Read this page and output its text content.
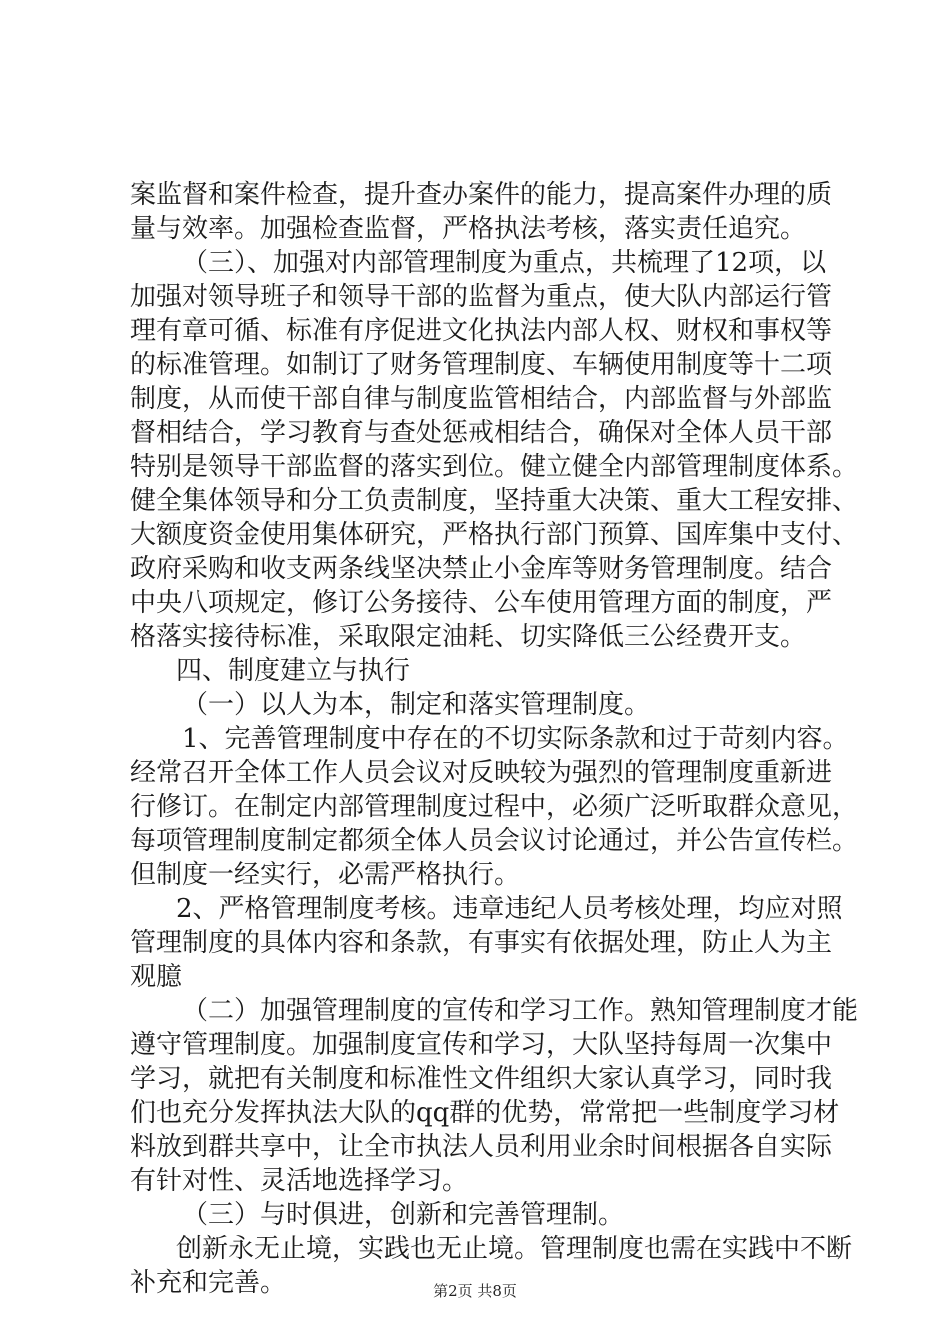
案监督和案件检查，提升查办案件的能力，提高案件办理的质
量与效率。加强检查监督，严格执法考核，落实责任追究。
（三）、加强对内部管理制度为重点，共梳理了12项，以
加强对领导班子和领导干部的监督为重点，使大队内部运行管
理有章可循、标准有序促进文化执法内部人权、财权和事权等
的标准管理。如制订了财务管理制度、车辆使用制度等十二项
制度，从而使干部自律与制度监管相结合，内部监督与外部监
督相结合，学习教育与查处惩戒相结合，确保对全体人员干部
特别是领导干部监督的落实到位。健立健全内部管理制度体系。
健全集体领导和分工负责制度，坚持重大决策、重大工程安排、
大额度资金使用集体研究，严格执行部门预算、国库集中支付、
政府采购和收支两条线坚决禁止小金库等财务管理制度。结合
中央八项规定，修订公务接待、公车使用管理方面的制度，严
格落实接待标准，采取限定油耗、切实降低三公经费开支。
四、制度建立与执行
（一）以人为本，制定和落实管理制度。
1、完善管理制度中存在的不切实际条款和过于苛刻内容。
经常召开全体工作人员会议对反映较为强烈的管理制度重新进
行修订。在制定内部管理制度过程中，必须广泛听取群众意见，
每项管理制度制定都须全体人员会议讨论通过，并公告宣传栏。
但制度一经实行，必需严格执行。
2、严格管理制度考核。违章违纪人员考核处理，均应对照
管理制度的具体内容和条款，有事实有依据处理，防止人为主
观臆
（二）加强管理制度的宣传和学习工作。熟知管理制度才能
遵守管理制度。加强制度宣传和学习，大队坚持每周一次集中
学习，就把有关制度和标准性文件组织大家认真学习，同时我
们也充分发挥执法大队的qq群的优势，常常把一些制度学习材
料放到群共享中，让全市执法人员利用业余时间根据各自实际
有针对性、灵活地选择学习。
（三）与时俱进，创新和完善管理制。
创新永无止境，实践也无止境。管理制度也需在实践中不断
补充和完善。	第2页 共8页
